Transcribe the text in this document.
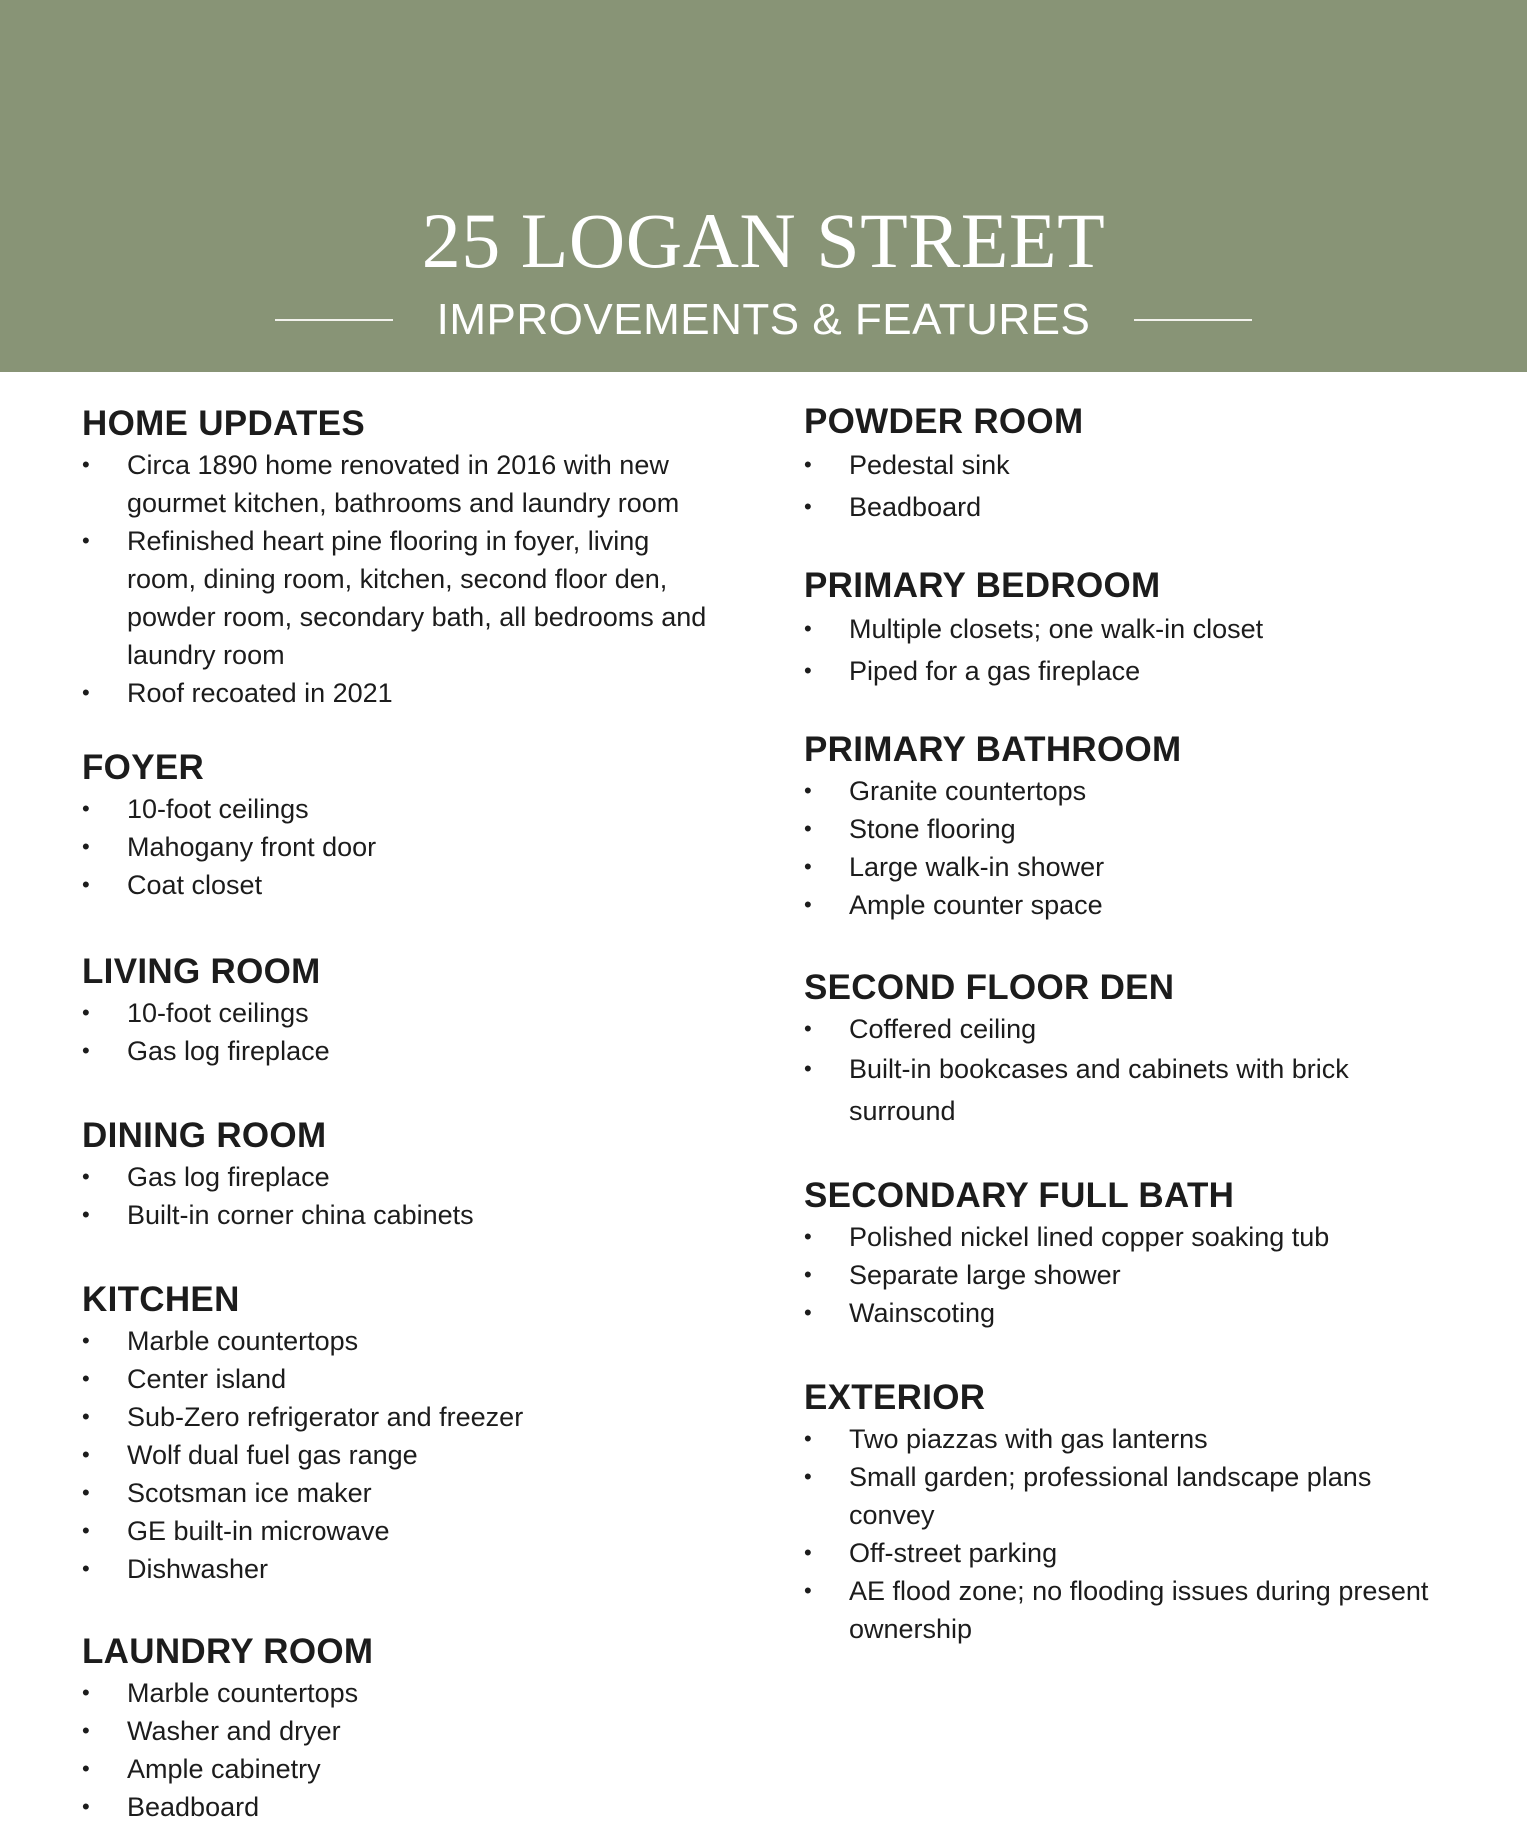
25 LOGAN STREET
IMPROVEMENTS & FEATURES
HOME UPDATES
• Circa 1890 home renovated in 2016 with new gourmet kitchen, bathrooms and laundry room
• Refinished heart pine flooring in foyer, living room, dining room, kitchen, second floor den, powder room, secondary bath, all bedrooms and laundry room
• Roof recoated in 2021
FOYER
• 10-foot ceilings
• Mahogany front door
• Coat closet
LIVING ROOM
• 10-foot ceilings
• Gas log fireplace
DINING ROOM
• Gas log fireplace
• Built-in corner china cabinets
KITCHEN
• Marble countertops
• Center island
• Sub-Zero refrigerator and freezer
• Wolf dual fuel gas range
• Scotsman ice maker
• GE built-in microwave
• Dishwasher
LAUNDRY ROOM
• Marble countertops
• Washer and dryer
• Ample cabinetry
• Beadboard
POWDER ROOM
• Pedestal sink
• Beadboard
PRIMARY BEDROOM
• Multiple closets; one walk-in closet
• Piped for a gas fireplace
PRIMARY BATHROOM
• Granite countertops
• Stone flooring
• Large walk-in shower
• Ample counter space
SECOND FLOOR DEN
• Coffered ceiling
• Built-in bookcases and cabinets with brick surround
SECONDARY FULL BATH
• Polished nickel lined copper soaking tub
• Separate large shower
• Wainscoting
EXTERIOR
• Two piazzas with gas lanterns
• Small garden; professional landscape plans convey
• Off-street parking
• AE flood zone; no flooding issues during present ownership
